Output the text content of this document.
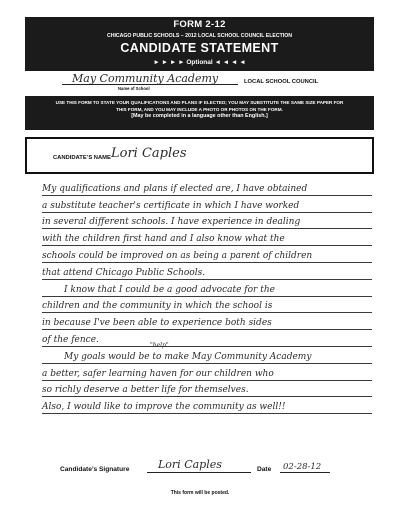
FORM 2-12
CHICAGO PUBLIC SCHOOLS – 2012 LOCAL SCHOOL COUNCIL ELECTION
CANDIDATE STATEMENT
► ► ► ► Optional ◄ ◄ ◄ ◄
May Community Academy
Name of School
LOCAL SCHOOL COUNCIL
USE THIS FORM TO STATE YOUR QUALIFICATIONS AND PLANS IF ELECTED; YOU MAY SUBSTITUTE THE SAME SIZE PAPER FOR
THIS FORM, AND YOU MAY INCLUDE A PHOTO OR PHOTOS ON THE FORM.
[May be completed in a language other than English.]
CANDIDATE’S NAME Lori Caples
My qualifications and plans if elected are, I have obtained
a substitute teacher's certificate in which I have worked
in several different schools. I have experience in dealing
with the children first hand and I also know what the
schools could be improved on as being a parent of children
that attend Chicago Public Schools.
I know that I could be a good advocate for the
children and the community in which the school is
in because I've been able to experience both sides
of the fence.
"help"
My goals would be to make May Community Academy
a better, safer learning haven for our children who
so richly deserve a better life for themselves.
Also, I would like to improve the community as well!!
Candidate’s Signature	Lori Caples	Date 02-28-12
This form will be posted.
